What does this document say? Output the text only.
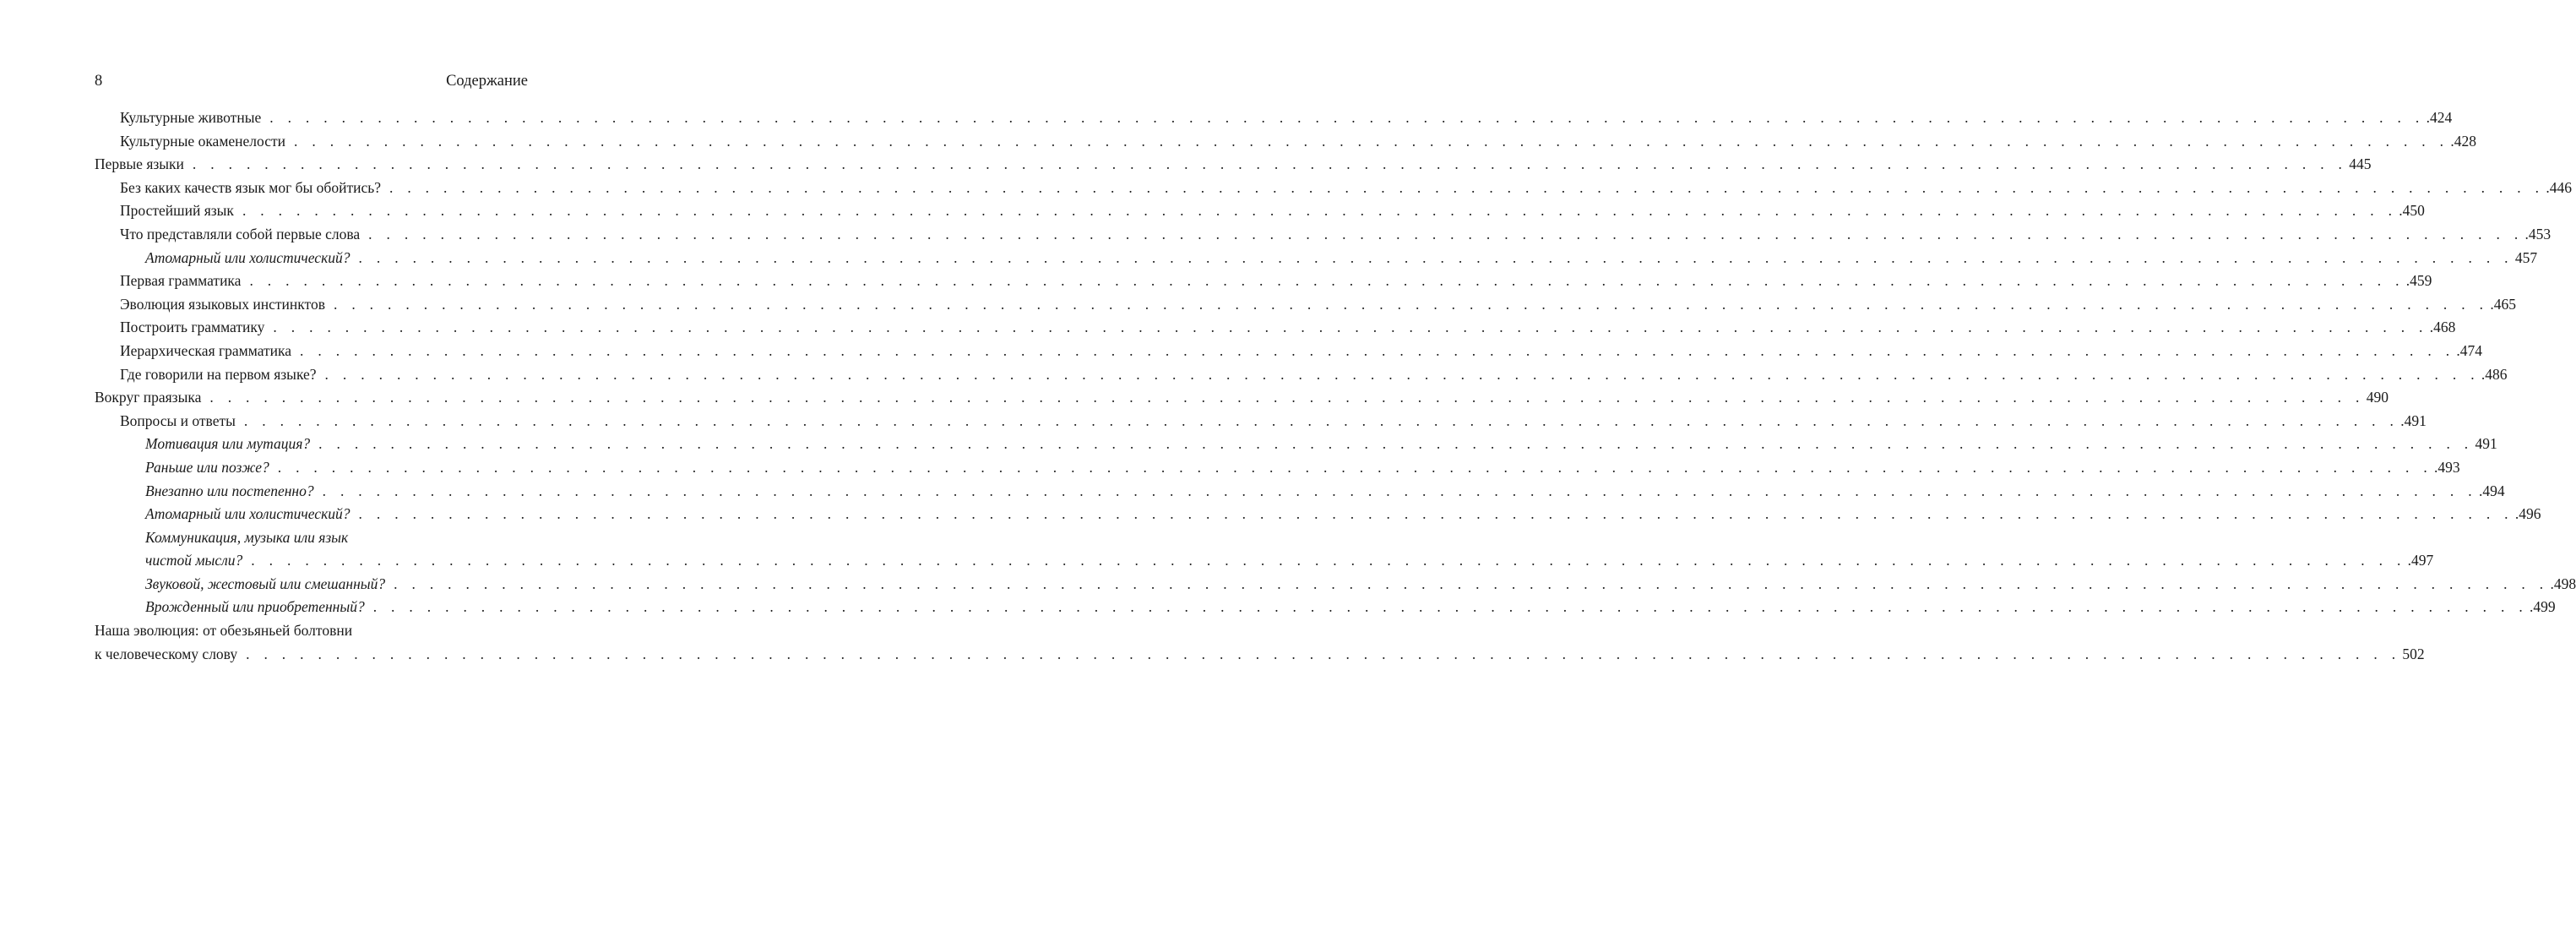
8	Содержание
Культурные животные . . . . . . . . . . . . . . . . . . . . . . . . . . . . . . . . . . . . . . . . . . . . . . . . . . . . . . . . . . . . . . . . . . . . . . . . . . . . . . . . . . . . . . . . . . . . . . . . . . . . . . . . . . . . . . . . . . . . . . . . .424
Культурные окаменелости . . . . . . . . . . . . . . . . . . . . . . . . . . . . . . . . . . . . . . . . . . . . . . . . . . . . . . . . . . . . . . . . . . . . . . . . . . . . . . . . . . . . . . . . . . . . . . . . . . . . . . . . . . . . . . . . . . . . . . . . .428
Первые языки . . . . . . . . . . . . . . . . . . . . . . . . . . . . . . . . . . . . . . . . . . . . . . . . . . . . . . . . . . . . . . . . . . . . . . . . . . . . . . . . . . . . . . . . . . . . . . . . . . . . . . . . . . . . . . . . . . . . . . . . 445
Без каких качеств язык мог бы обойтись? . . . . . . . . . . . . . . . . . . . . . . . . . . . . . . . . . . . . . . . . . . . . . . . . . . . . . . . . . . . . . . . . . . . . . . . . . . . . . . . . . . . . . . . . . . . . . . . . . . . . . . . . . . . . . . . . . . . . . . . . .446
Простейший язык . . . . . . . . . . . . . . . . . . . . . . . . . . . . . . . . . . . . . . . . . . . . . . . . . . . . . . . . . . . . . . . . . . . . . . . . . . . . . . . . . . . . . . . . . . . . . . . . . . . . . . . . . . . . . . . . . . . . . . . . .450
Что представляли собой первые слова . . . . . . . . . . . . . . . . . . . . . . . . . . . . . . . . . . . . . . . . . . . . . . . . . . . . . . . . . . . . . . . . . . . . . . . . . . . . . . . . . . . . . . . . . . . . . . . . . . . . . . . . . . . . . . . . . . . . . . . . .453
Атомарный или холистический? . . . . . . . . . . . . . . . . . . . . . . . . . . . . . . . . . . . . . . . . . . . . . . . . . . . . . . . . . . . . . . . . . . . . . . . . . . . . . . . . . . . . . . . . . . . . . . . . . . . . . . . . . . . . . . . . . . . . . . . . 457
Первая грамматика . . . . . . . . . . . . . . . . . . . . . . . . . . . . . . . . . . . . . . . . . . . . . . . . . . . . . . . . . . . . . . . . . . . . . . . . . . . . . . . . . . . . . . . . . . . . . . . . . . . . . . . . . . . . . . . . . . . . . . . . .459
Эволюция языковых инстинктов . . . . . . . . . . . . . . . . . . . . . . . . . . . . . . . . . . . . . . . . . . . . . . . . . . . . . . . . . . . . . . . . . . . . . . . . . . . . . . . . . . . . . . . . . . . . . . . . . . . . . . . . . . . . . . . . . . . . . . . . .465
Построить грамматику . . . . . . . . . . . . . . . . . . . . . . . . . . . . . . . . . . . . . . . . . . . . . . . . . . . . . . . . . . . . . . . . . . . . . . . . . . . . . . . . . . . . . . . . . . . . . . . . . . . . . . . . . . . . . . . . . . . . . . . . .468
Иерархическая грамматика . . . . . . . . . . . . . . . . . . . . . . . . . . . . . . . . . . . . . . . . . . . . . . . . . . . . . . . . . . . . . . . . . . . . . . . . . . . . . . . . . . . . . . . . . . . . . . . . . . . . . . . . . . . . . . . . . . . . . . . . .474
Где говорили на первом языке? . . . . . . . . . . . . . . . . . . . . . . . . . . . . . . . . . . . . . . . . . . . . . . . . . . . . . . . . . . . . . . . . . . . . . . . . . . . . . . . . . . . . . . . . . . . . . . . . . . . . . . . . . . . . . . . . . . . . . . . . .486
Вокруг праязыка . . . . . . . . . . . . . . . . . . . . . . . . . . . . . . . . . . . . . . . . . . . . . . . . . . . . . . . . . . . . . . . . . . . . . . . . . . . . . . . . . . . . . . . . . . . . . . . . . . . . . . . . . . . . . . . . . . . . . . . . 490
Вопросы и ответы . . . . . . . . . . . . . . . . . . . . . . . . . . . . . . . . . . . . . . . . . . . . . . . . . . . . . . . . . . . . . . . . . . . . . . . . . . . . . . . . . . . . . . . . . . . . . . . . . . . . . . . . . . . . . . . . . . . . . . . . .491
Мотивация или мутация? . . . . . . . . . . . . . . . . . . . . . . . . . . . . . . . . . . . . . . . . . . . . . . . . . . . . . . . . . . . . . . . . . . . . . . . . . . . . . . . . . . . . . . . . . . . . . . . . . . . . . . . . . . . . . . . . . . . . . . . . 491
Раньше или позже? . . . . . . . . . . . . . . . . . . . . . . . . . . . . . . . . . . . . . . . . . . . . . . . . . . . . . . . . . . . . . . . . . . . . . . . . . . . . . . . . . . . . . . . . . . . . . . . . . . . . . . . . . . . . . . . . . . . . . . . . .493
Внезапно или постепенно? . . . . . . . . . . . . . . . . . . . . . . . . . . . . . . . . . . . . . . . . . . . . . . . . . . . . . . . . . . . . . . . . . . . . . . . . . . . . . . . . . . . . . . . . . . . . . . . . . . . . . . . . . . . . . . . . . . . . . . . . .494
Атомарный или холистический? . . . . . . . . . . . . . . . . . . . . . . . . . . . . . . . . . . . . . . . . . . . . . . . . . . . . . . . . . . . . . . . . . . . . . . . . . . . . . . . . . . . . . . . . . . . . . . . . . . . . . . . . . . . . . . . . . . . . . . . . .496
Коммуникация, музыка или язык
чистой мысли? . . . . . . . . . . . . . . . . . . . . . . . . . . . . . . . . . . . . . . . . . . . . . . . . . . . . . . . . . . . . . . . . . . . . . . . . . . . . . . . . . . . . . . . . . . . . . . . . . . . . . . . . . . . . . . . . . . . . . . . . .497
Звуковой, жестовый или смешанный? . . . . . . . . . . . . . . . . . . . . . . . . . . . . . . . . . . . . . . . . . . . . . . . . . . . . . . . . . . . . . . . . . . . . . . . . . . . . . . . . . . . . . . . . . . . . . . . . . . . . . . . . . . . . . . . . . . . . . . . . .498
Врожденный или приобретенный? . . . . . . . . . . . . . . . . . . . . . . . . . . . . . . . . . . . . . . . . . . . . . . . . . . . . . . . . . . . . . . . . . . . . . . . . . . . . . . . . . . . . . . . . . . . . . . . . . . . . . . . . . . . . . . . . . . . . . . . . .499
Наша эволюция: от обезьяньей болтовни
к человеческому слову . . . . . . . . . . . . . . . . . . . . . . . . . . . . . . . . . . . . . . . . . . . . . . . . . . . . . . . . . . . . . . . . . . . . . . . . . . . . . . . . . . . . . . . . . . . . . . . . . . . . . . . . . . . . . . . . . . . . . . . . 502
